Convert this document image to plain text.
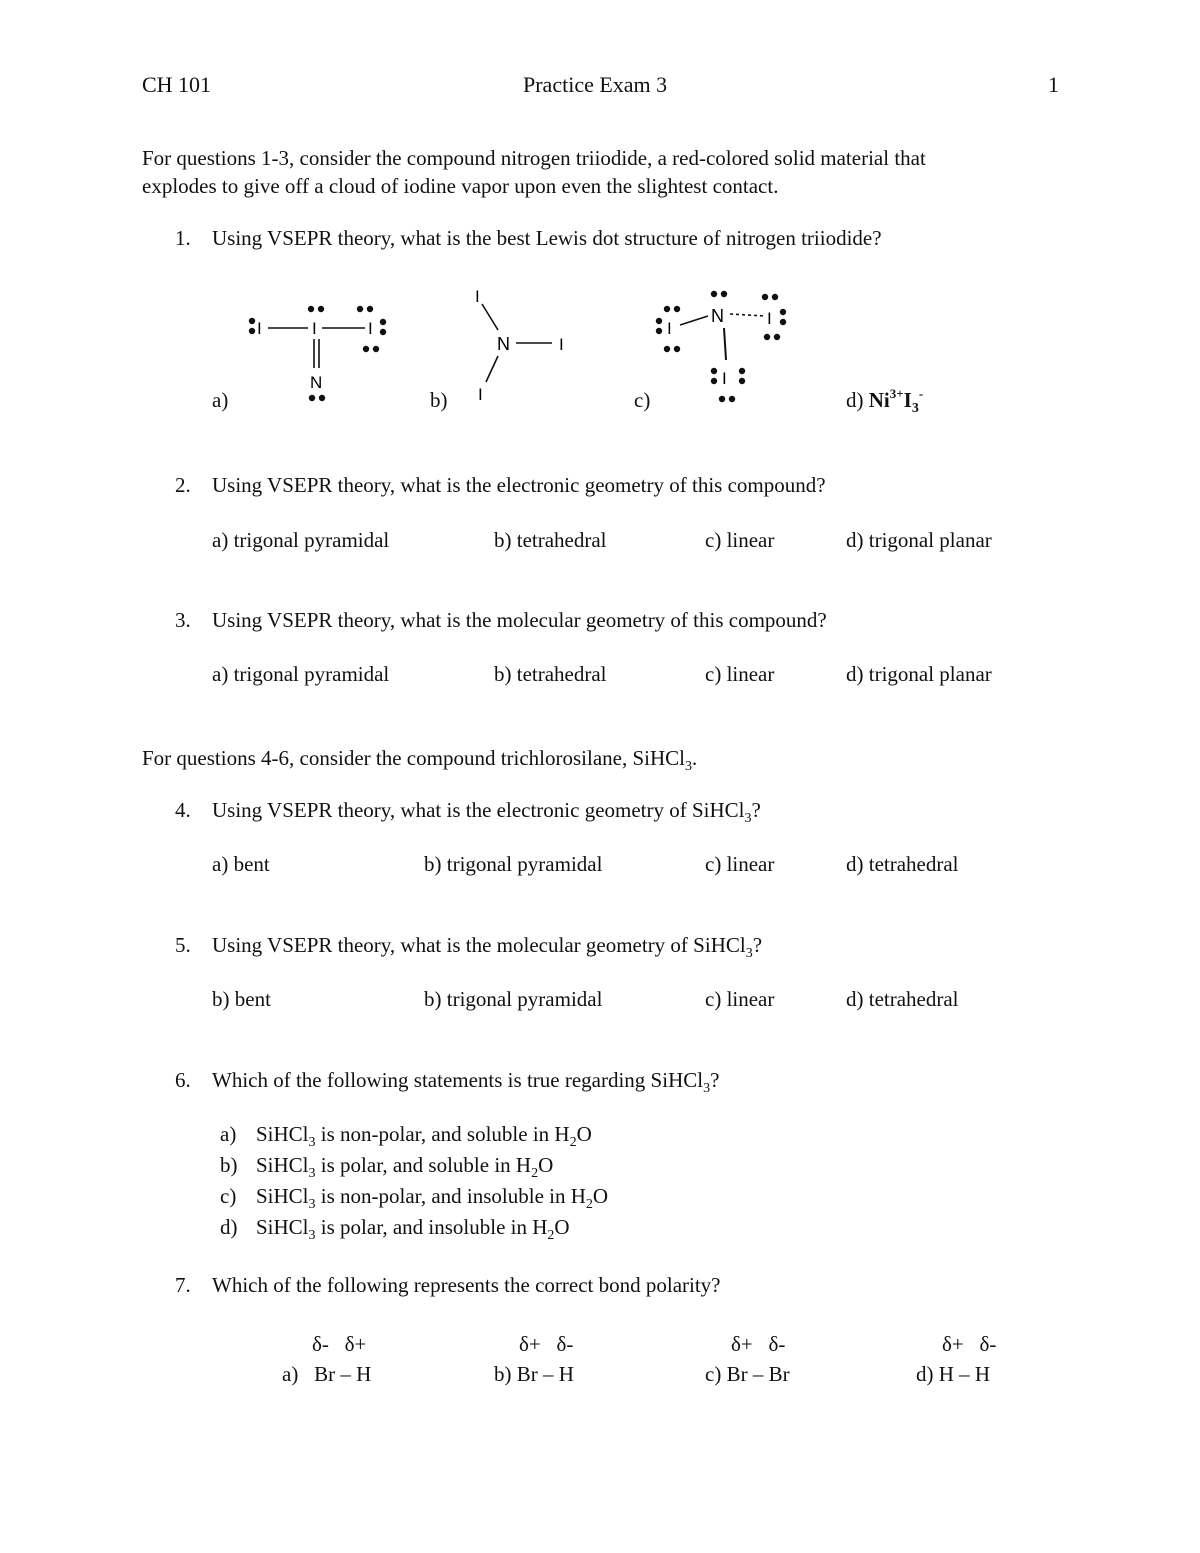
CH 101	Practice Exam 3	1
For questions 1-3, consider the compound nitrogen triiodide, a red-colored solid material that
explodes to give off a cloud of iodine vapor upon even the slightest contact.
1. Using VSEPR theory, what is the best Lewis dot structure of nitrogen triiodide?
I	I	I
N
I
N	I
I
I
N	I
I
a)	b)	c)	d) $Ni^{3+}I_3^-$
2. Using VSEPR theory, what is the electronic geometry of this compound?
a) trigonal pyramidal	b) tetrahedral	c) linear	d) trigonal planar
3. Using VSEPR theory, what is the molecular geometry of this compound?
a) trigonal pyramidal	b) tetrahedral	c) linear	d) trigonal planar
For questions 4-6, consider the compound trichlorosilane, SiHCl$_3$.
4. Using VSEPR theory, what is the electronic geometry of SiHCl$_3$?
a) bent	b) trigonal pyramidal	c) linear	d) tetrahedral
5. Using VSEPR theory, what is the molecular geometry of SiHCl$_3$?
b) bent	b) trigonal pyramidal	c) linear	d) tetrahedral
6. Which of the following statements is true regarding SiHCl$_3$?
a) SiHCl$_3$ is non-polar, and soluble in $H_2O$
b) SiHCl$_3$ is polar, and soluble in $H_2O$
c) SiHCl$_3$ is non-polar, and insoluble in $H_2O$
d) SiHCl$_3$ is polar, and insoluble in $H_2O$
7. Which of the following represents the correct bond polarity?
δ-   δ+
a)   Br – H
δ+   δ-
b) Br – H
δ+   δ-
c) Br – Br
δ+   δ-
d) H – H
